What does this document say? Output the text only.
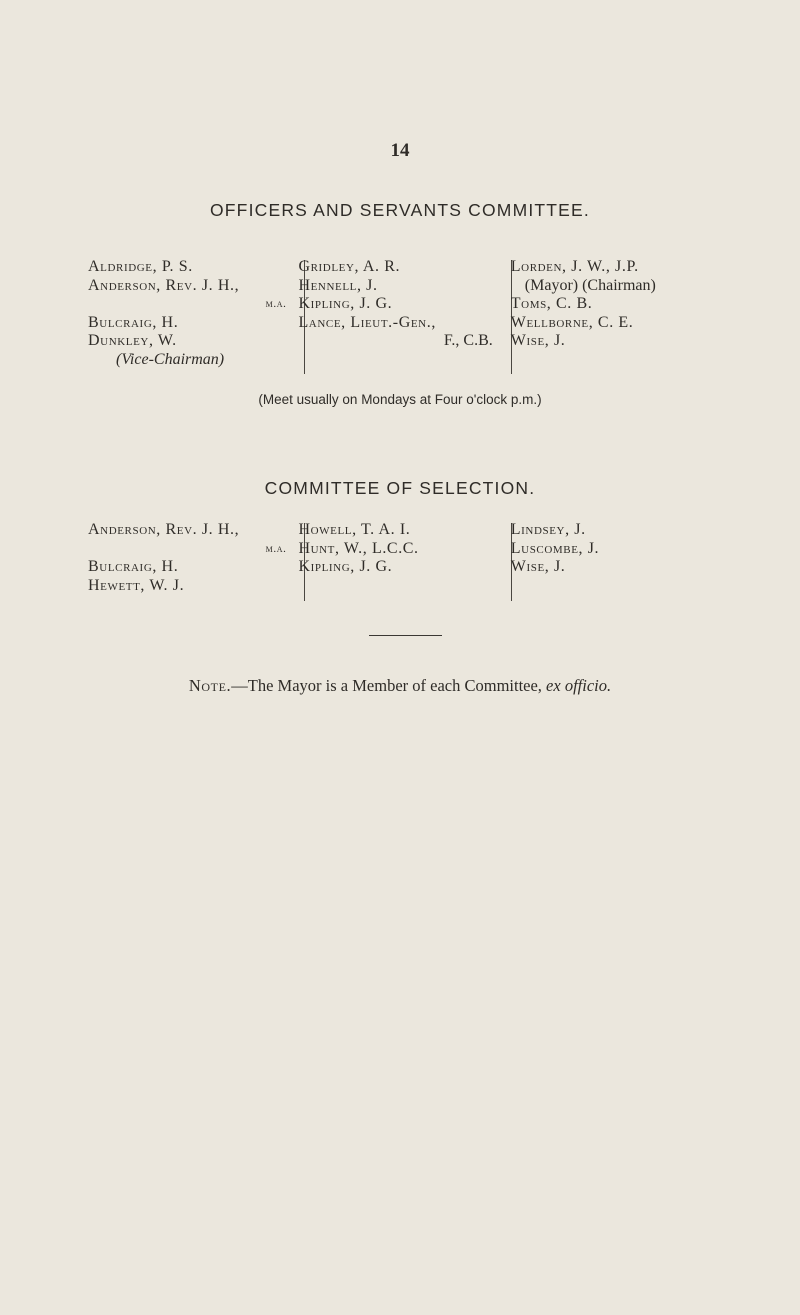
14
OFFICERS AND SERVANTS COMMITTEE.
Aldridge, P. S.
Anderson, Rev. J. H.,
m.a.
Bulcraig, H.
Dunkley, W.
(Vice-Chairman)
Gridley, A. R.
Hennell, J.
Kipling, J. G.
Lance, Lieut.-Gen.,
F., C.B.
Lorden, J. W., J.P.
(Mayor) (Chairman)
Toms, C. B.
Wellborne, C. E.
Wise, J.
(Meet usually on Mondays at Four o'clock p.m.)
COMMITTEE OF SELECTION.
Anderson, Rev. J. H.,
m.a.
Bulcraig, H.
Hewett, W. J.
Howell, T. A. I.
Hunt, W., L.C.C.
Kipling, J. G.
Lindsey, J.
Luscombe, J.
Wise, J.
Note.—The Mayor is a Member of each Committee, ex officio.
